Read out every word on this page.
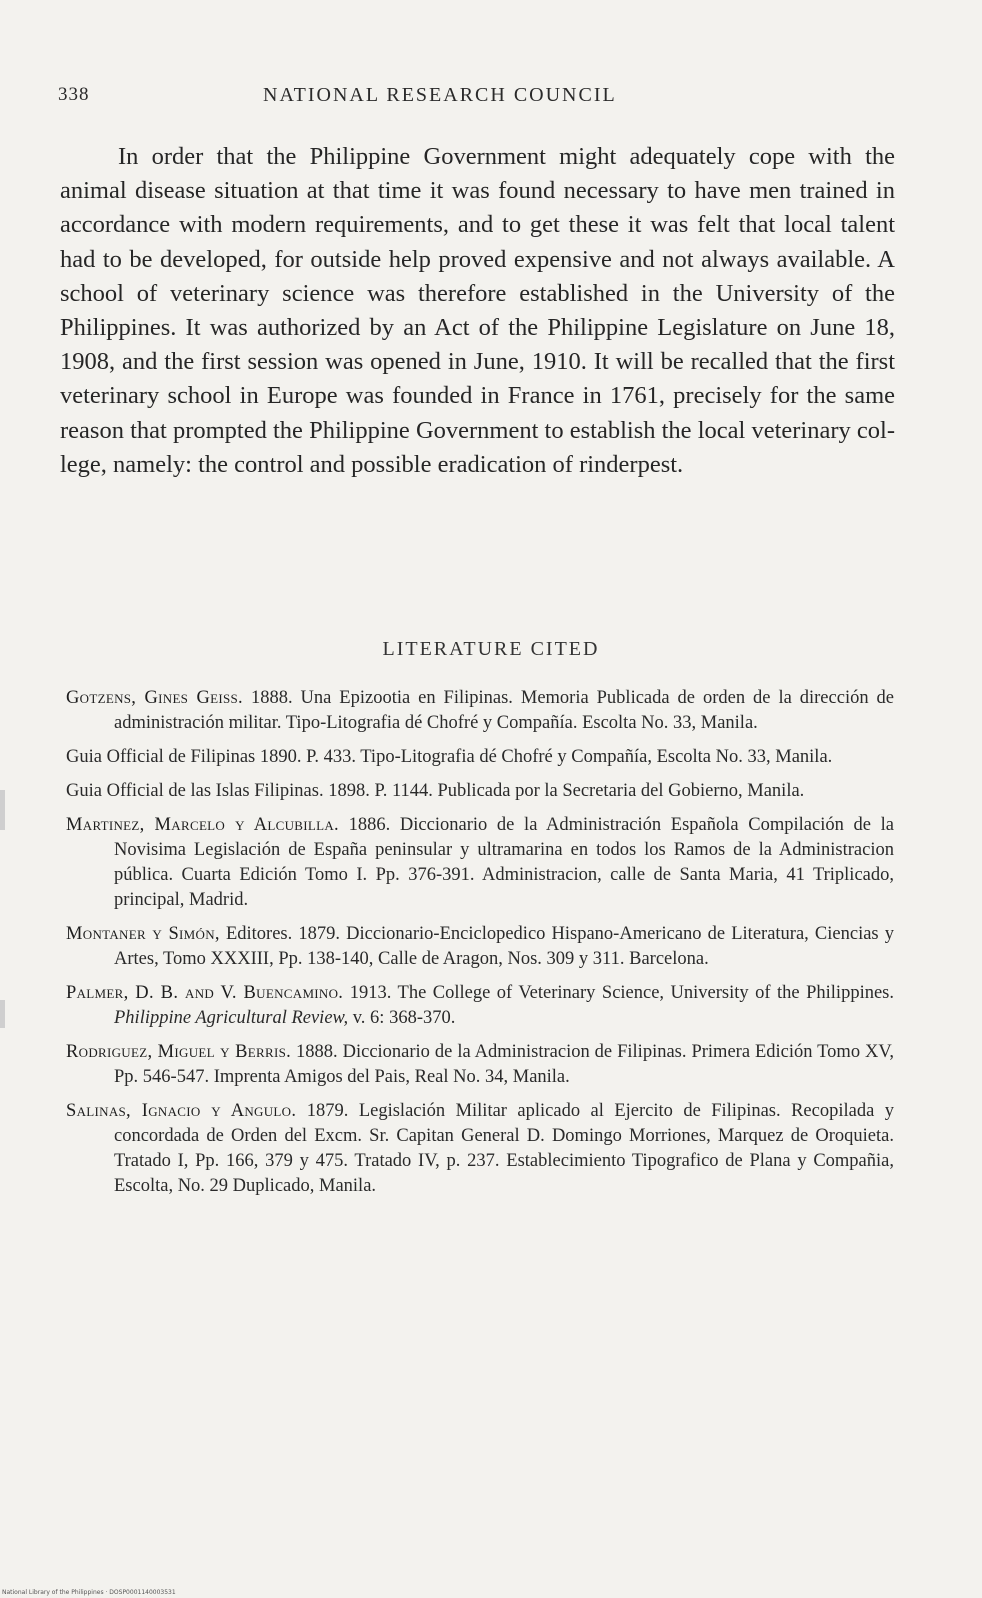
338	NATIONAL RESEARCH COUNCIL

In order that the Philippine Government might adequately cope with the animal disease situation at that time it was found necessary to have men trained in accordance with modern requirements, and to get these it was felt that local talent had to be developed, for outside help proved expensive and not always available. A school of veterinary science was therefore established in the University of the Philippines. It was authorized by an Act of the Philippine Legislature on June 18, 1908, and the first session was opened in June, 1910. It will be recalled that the first veterinary school in Europe was founded in France in 1761, precisely for the same reason that prompted the Philippine Government to establish the local veterinary college, namely: the control and possible eradication of rinderpest.

LITERATURE CITED

Gotzens, Gines Geiss. 1888. Una Epizootia en Filipinas. Memoria Publicada de orden de la dirección de administración militar. Tipo-Litografia dé Chofré y Compañía. Escolta No. 33, Manila.

Guia Official de Filipinas 1890. P. 433. Tipo-Litografia dé Chofré y Compañía, Escolta No. 33, Manila.

Guia Official de las Islas Filipinas. 1898. P. 1144. Publicada por la Secretaria del Gobierno, Manila.

Martinez, Marcelo y Alcubilla. 1886. Diccionario de la Administración Española Compilación de la Novisima Legislación de España peninsular y ultramarina en todos los Ramos de la Administracion pública. Cuarta Edición Tomo I. Pp. 376-391. Administracion, calle de Santa Maria, 41 Triplicado, principal, Madrid.

Montaner y Simón, Editores. 1879. Diccionario-Enciclopedico Hispano-Americano de Literatura, Ciencias y Artes, Tomo XXXIII, Pp. 138-140, Calle de Aragon, Nos. 309 y 311. Barcelona.

Palmer, D. B. and V. Buencamino. 1913. The College of Veterinary Science, University of the Philippines. Philippine Agricultural Review, v. 6: 368-370.

Rodriguez, Miguel y Berris. 1888. Diccionario de la Administracion de Filipinas. Primera Edición Tomo XV, Pp. 546-547. Imprenta Amigos del Pais, Real No. 34, Manila.

Salinas, Ignacio y Angulo. 1879. Legislación Militar aplicado al Ejercito de Filipinas. Recopilada y concordada de Orden del Excm. Sr. Capitan General D. Domingo Morriones, Marquez de Oroquieta. Tratado I, Pp. 166, 379 y 475. Tratado IV, p. 237. Establecimiento Tipografico de Plana y Compañia, Escolta, No. 29 Duplicado, Manila.

National Library of the Philippines · DOSP0001140003531
